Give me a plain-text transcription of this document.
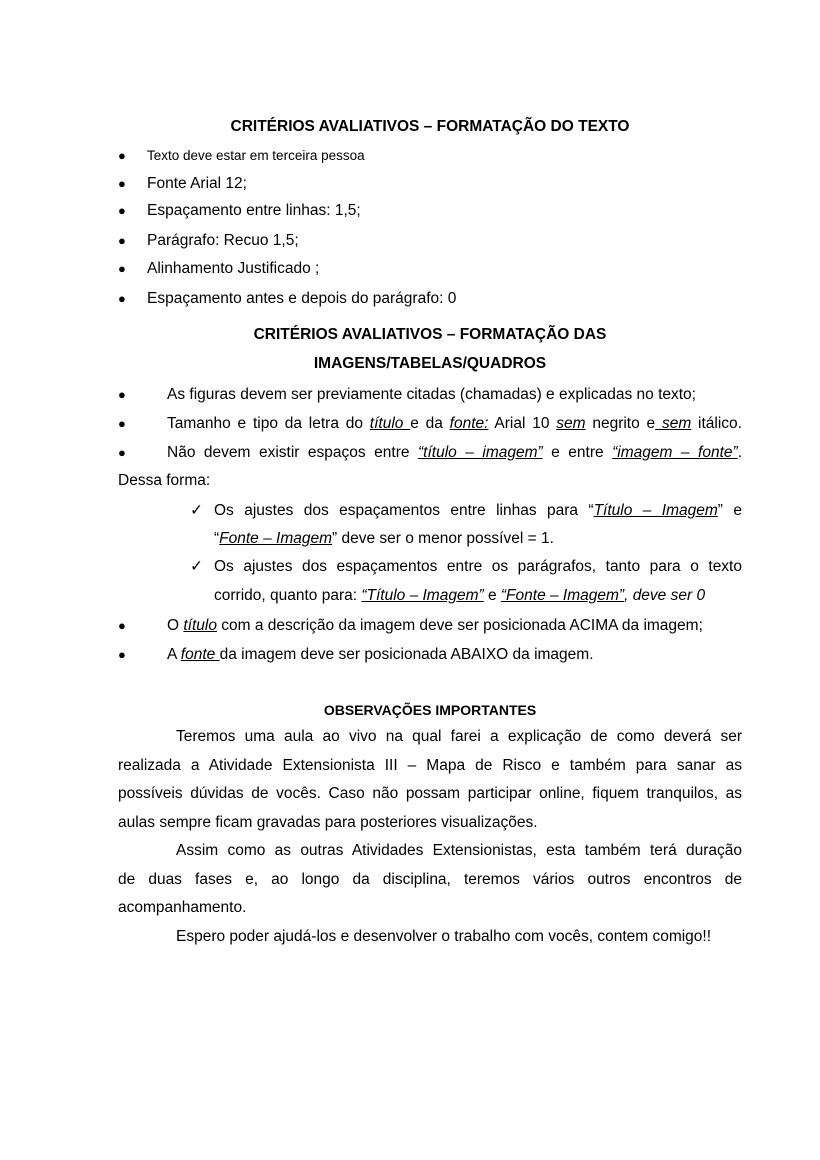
CRITÉRIOS AVALIATIVOS – FORMATAÇÃO DO TEXTO
● Texto deve estar em terceira pessoa
● Fonte Arial 12;
● Espaçamento entre linhas: 1,5;
● Parágrafo: Recuo 1,5;
● Alinhamento Justificado ;
● Espaçamento antes e depois do parágrafo: 0
CRITÉRIOS AVALIATIVOS – FORMATAÇÃO DAS
IMAGENS/TABELAS/QUADROS
●	As figuras devem ser previamente citadas (chamadas) e explicadas no texto;
●	Tamanho e tipo da letra do título e da fonte: Arial 10 sem negrito e sem itálico.
●	Não devem existir espaços entre “título – imagem” e entre “imagem – fonte”.
Dessa forma:
✓ Os ajustes dos espaçamentos entre linhas para “Título – Imagem” e
“Fonte – Imagem” deve ser o menor possível = 1.
✓ Os ajustes dos espaçamentos entre os parágrafos, tanto para o texto
corrido, quanto para: “Título – Imagem” e “Fonte – Imagem”, deve ser 0
●	O título com a descrição da imagem deve ser posicionada ACIMA da imagem;
●	A fonte da imagem deve ser posicionada ABAIXO da imagem.
OBSERVAÇÕES IMPORTANTES
Teremos uma aula ao vivo na qual farei a explicação de como deverá ser
realizada a Atividade Extensionista III – Mapa de Risco e também para sanar as
possíveis dúvidas de vocês. Caso não possam participar online, fiquem tranquilos, as
aulas sempre ficam gravadas para posteriores visualizações.
Assim como as outras Atividades Extensionistas, esta também terá duração
de duas fases e, ao longo da disciplina, teremos vários outros encontros de
acompanhamento.
Espero poder ajudá-los e desenvolver o trabalho com vocês, contem comigo!!
